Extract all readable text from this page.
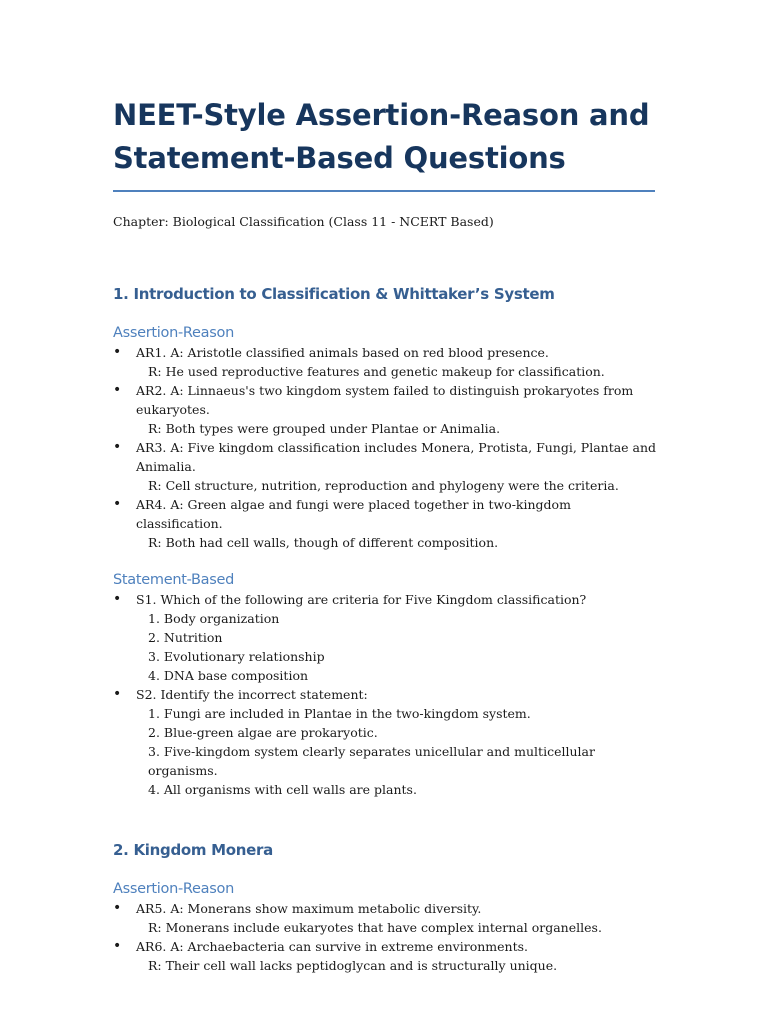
NEET-Style Assertion-Reason and
Statement-Based Questions
Chapter: Biological Classification (Class 11 - NCERT Based)
1. Introduction to Classification & Whittaker’s System
Assertion-Reason
• AR1. A: Aristotle classified animals based on red blood presence.
R: He used reproductive features and genetic makeup for classification.
• AR2. A: Linnaeus's two kingdom system failed to distinguish prokaryotes from
eukaryotes.
R: Both types were grouped under Plantae or Animalia.
• AR3. A: Five kingdom classification includes Monera, Protista, Fungi, Plantae and
Animalia.
R: Cell structure, nutrition, reproduction and phylogeny were the criteria.
• AR4. A: Green algae and fungi were placed together in two-kingdom classification.
R: Both had cell walls, though of different composition.
Statement-Based
• S1. Which of the following are criteria for Five Kingdom classification?
1. Body organization
2. Nutrition
3. Evolutionary relationship
4. DNA base composition
• S2. Identify the incorrect statement:
1. Fungi are included in Plantae in the two-kingdom system.
2. Blue-green algae are prokaryotic.
3. Five-kingdom system clearly separates unicellular and multicellular organisms.
4. All organisms with cell walls are plants.
2. Kingdom Monera
Assertion-Reason
• AR5. A: Monerans show maximum metabolic diversity.
R: Monerans include eukaryotes that have complex internal organelles.
• AR6. A: Archaebacteria can survive in extreme environments.
R: Their cell wall lacks peptidoglycan and is structurally unique.
